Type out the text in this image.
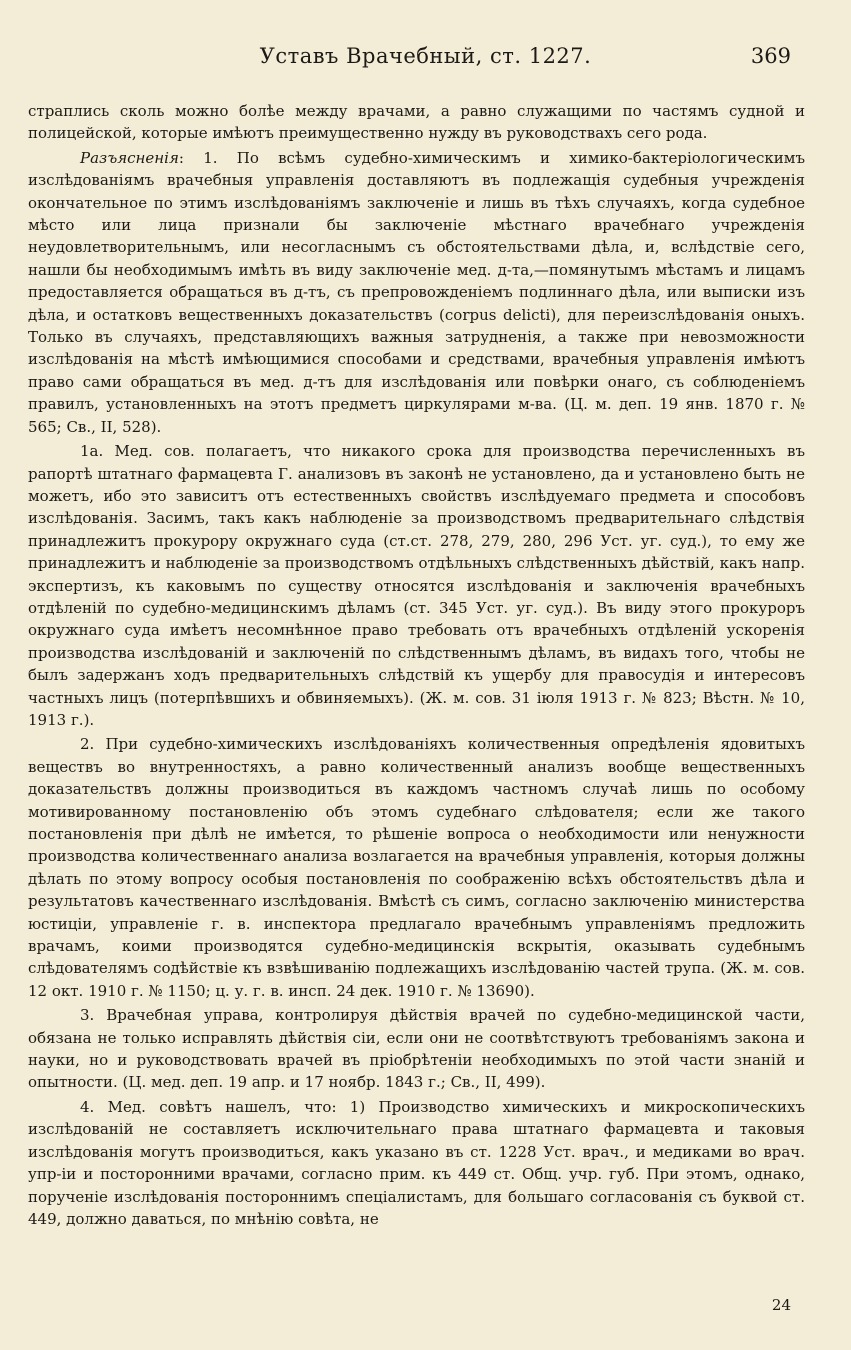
Уставъ Врачебный, ст. 1227.	369

страплись сколь можно болѣе между врачами, а равно служащими по частямъ судной и полицейской, которые имѣютъ преимущественно нужду въ руководствахъ сего рода.

Разъясненія: 1. По всѣмъ судебно-химическимъ и химико-бактеріологическимъ изслѣдованіямъ врачебныя управленія доставляютъ въ подлежащія судебныя учрежденія окончательное по этимъ изслѣдованіямъ заключеніе и лишь въ тѣхъ случаяхъ, когда судебное мѣсто или лица признали бы заключеніе мѣстнаго врачебнаго учрежденія неудовлетворительнымъ, или несогласнымъ съ обстоятельствами дѣла, и, вслѣдствіе сего, нашли бы необходимымъ имѣть въ виду заключеніе мед. д-та,—помянутымъ мѣстамъ и лицамъ предоставляется обращаться въ д-тъ, съ препровожденіемъ подлиннаго дѣла, или выписки изъ дѣла, и остатковъ вещественныхъ доказательствъ (corpus delicti), для переизслѣдованія оныхъ. Только въ случаяхъ, представляющихъ важныя затрудненія, а также при невозможности изслѣдованія на мѣстѣ имѣющимися способами и средствами, врачебныя управленія имѣютъ право сами обращаться въ мед. д-тъ для изслѣдованія или повѣрки онаго, съ соблюденіемъ правилъ, установленныхъ на этотъ предметъ циркулярами м-ва. (Ц. м. деп. 19 янв. 1870 г. № 565; Св., II, 528).

1а. Мед. сов. полагаетъ, что никакого срока для производства перечисленныхъ въ рапортѣ штатнаго фармацевта Г. анализовъ въ законѣ не установлено, да и установлено быть не можетъ, ибо это зависитъ отъ естественныхъ свойствъ изслѣдуемаго предмета и способовъ изслѣдованія. Засимъ, такъ какъ наблюденіе за производствомъ предварительнаго слѣдствія принадлежитъ прокурору окружнаго суда (ст.ст. 278, 279, 280, 296 Уст. уг. суд.), то ему же принадлежитъ и наблюденіе за производствомъ отдѣльныхъ слѣдственныхъ дѣйствій, какъ напр. экспертизъ, къ каковымъ по существу относятся изслѣдованія и заключенія врачебныхъ отдѣленій по судебно-медицинскимъ дѣламъ (ст. 345 Уст. уг. суд.). Въ виду этого прокуроръ окружнаго суда имѣетъ несомнѣнное право требовать отъ врачебныхъ отдѣленій ускоренія производства изслѣдованій и заключеній по слѣдственнымъ дѣламъ, въ видахъ того, чтобы не былъ задержанъ ходъ предварительныхъ слѣдствій къ ущербу для правосудія и интересовъ частныхъ лицъ (потерпѣвшихъ и обвиняемыхъ). (Ж. м. сов. 31 іюля 1913 г. № 823; Вѣстн. № 10, 1913 г.).

2. При судебно-химическихъ изслѣдованіяхъ количественныя опредѣленія ядовитыхъ веществъ во внутренностяхъ, а равно количественный анализъ вообще вещественныхъ доказательствъ должны производиться въ каждомъ частномъ случаѣ лишь по особому мотивированному постановленію объ этомъ судебнаго слѣдователя; если же такого постановленія при дѣлѣ не имѣется, то рѣшеніе вопроса о необходимости или ненужности производства количественнаго анализа возлагается на врачебныя управленія, которыя должны дѣлать по этому вопросу особыя постановленія по соображенію всѣхъ обстоятельствъ дѣла и результатовъ качественнаго изслѣдованія. Вмѣстѣ съ симъ, согласно заключенію министерства юстиціи, управленіе г. в. инспектора предлагало врачебнымъ управленіямъ предложить врачамъ, коими производятся судебно-медицинскія вскрытія, оказывать судебнымъ слѣдователямъ содѣйствіе къ взвѣшиванію подлежащихъ изслѣдованію частей трупа. (Ж. м. сов. 12 окт. 1910 г. № 1150; ц. у. г. в. инсп. 24 дек. 1910 г. № 13690).

3. Врачебная управа, контролируя дѣйствія врачей по судебно-медицинской части, обязана не только исправлять дѣйствія сіи, если они не соотвѣтствуютъ требованіямъ закона и науки, но и руководствовать врачей въ пріобрѣтеніи необходимыхъ по этой части знаній и опытности. (Ц. мед. деп. 19 апр. и 17 ноябр. 1843 г.; Св., II, 499).

4. Мед. совѣтъ нашелъ, что: 1) Производство химическихъ и микроскопическихъ изслѣдованій не составляетъ исключительнаго права штатнаго фармацевта и таковыя изслѣдованія могутъ производиться, какъ указано въ ст. 1228 Уст. врач., и медиками во врач. упр-іи и посторонними врачами, согласно прим. къ 449 ст. Общ. учр. губ. При этомъ, однако, порученіе изслѣдованія постороннимъ спеціалистамъ, для большаго согласованія съ буквой ст. 449, должно даваться, по мнѣнію совѣта, не

24
